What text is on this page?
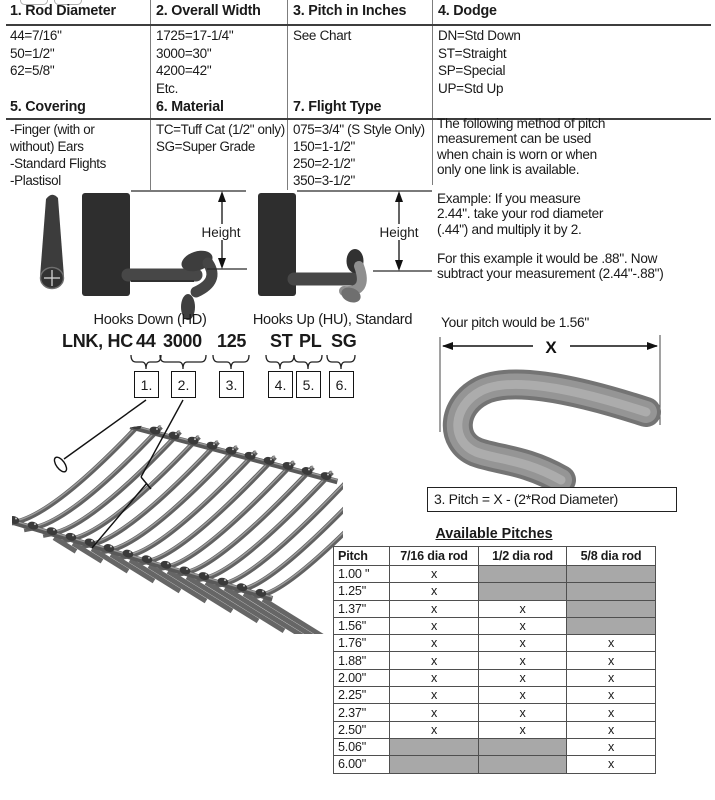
1. Rod Diameter
44=7/16"
50=1/2"
62=5/8"
2. Overall Width
1725=17-1/4"
3000=30"
4200=42"
Etc.
3. Pitch in Inches
See Chart
4. Dodge
DN=Std Down
ST=Straight
SP=Special
UP=Std Up
5. Covering
-Finger (with or
without) Ears
-Standard Flights
-Plastisol
6. Material
TC=Tuff Cat (1/2" only)
SG=Super Grade
7. Flight Type
075=3/4" (S Style Only)
150=1-1/2"
250=2-1/2"
350=3-1/2"
The following method of pitch
measurement can be used
when chain is worn or when
only one link is available.
Example: If you measure
2.44". take your rod diameter
(.44") and multiply it by 2.
For this example it would be .88". Now
subtract your measurement (2.44"-.88")
Your pitch would be 1.56"
Height	Height
Hooks Down (HD)	Hooks Up (HU), Standard
LNK, HC 44 3000 125 ST PL SG
1.	2.	3.	4.	5.	6.
X
3. Pitch = X - (2*Rod Diameter)
Available Pitches
Pitch	7/16 dia rod	1/2 dia rod	5/8 dia rod
1.00 "	x		
1.25"	x		
1.37"	x	x	
1.56"	x	x	
1.76"	x	x	x
1.88"	x	x	x
2.00"	x	x	x
2.25"	x	x	x
2.37"	x	x	x
2.50"	x	x	x
5.06"			x
6.00"			x
